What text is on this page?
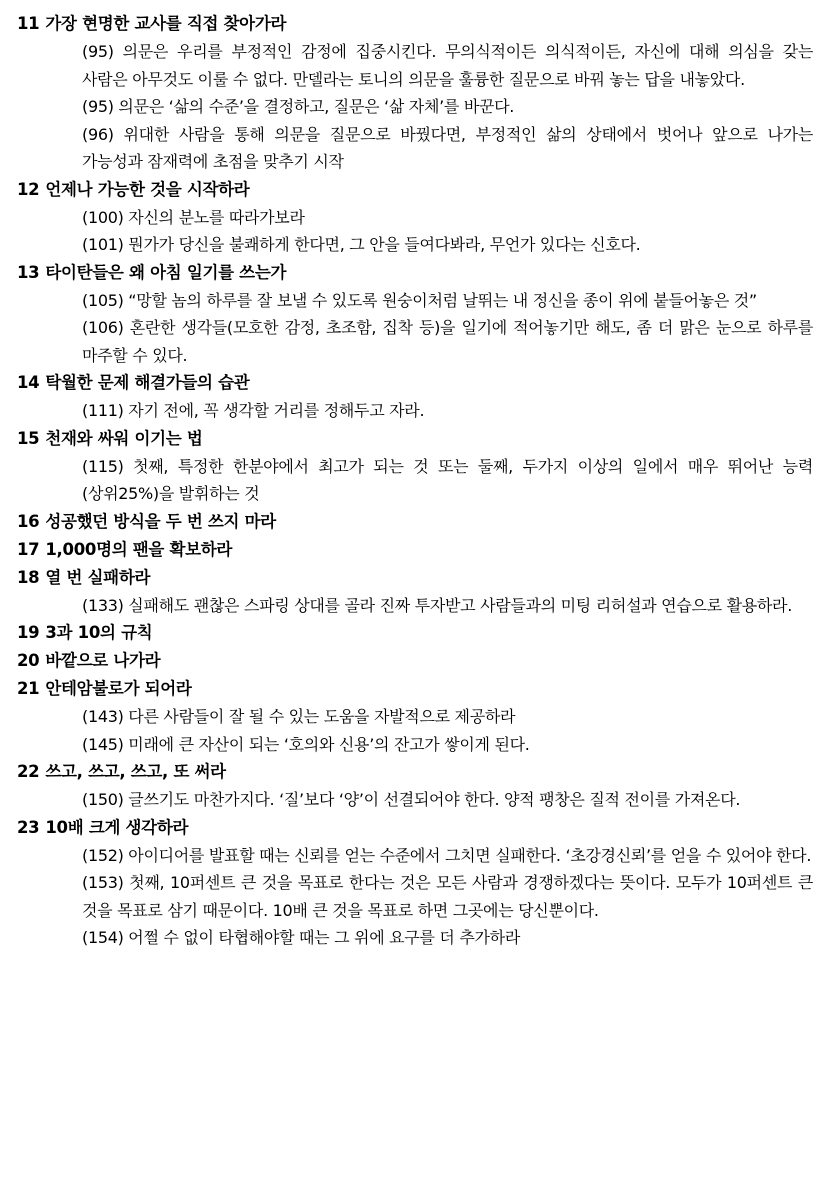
11 가장 현명한 교사를 직접 찾아가라
(95) 의문은 우리를 부정적인 감정에 집중시킨다. 무의식적이든 의식적이든, 자신에 대해 의심을 갖는 사람은 아무것도 이룰 수 없다. 만델라는 토니의 의문을 훌륭한 질문으로 바꿔 놓는 답을 내놓았다.
(95) 의문은 ‘삶의 수준’을 결정하고, 질문은 ‘삶 자체’를 바꾼다.
(96) 위대한 사람을 통해 의문을 질문으로 바꿨다면, 부정적인 삶의 상태에서 벗어나 앞으로 나가는 가능성과 잠재력에 초점을 맞추기 시작
12 언제나 가능한 것을 시작하라
(100) 자신의 분노를 따라가보라
(101) 뭔가가 당신을 불쾌하게 한다면, 그 안을 들여다봐라, 무언가 있다는 신호다.
13 타이탄들은 왜 아침 일기를 쓰는가
(105) “망할 놈의 하루를 잘 보낼 수 있도록 원숭이처럼 날뛰는 내 정신을 종이 위에 붙들어놓은 것”
(106) 혼란한 생각들(모호한 감정, 초조함, 집착 등)을 일기에 적어놓기만 해도, 좀 더 맑은 눈으로 하루를 마주할 수 있다.
14 탁월한 문제 해결가들의 습관
(111) 자기 전에, 꼭 생각할 거리를 정해두고 자라.
15 천재와 싸워 이기는 법
(115) 첫째, 특정한 한분야에서 최고가 되는 것 또는 둘째, 두가지 이상의 일에서 매우 뛰어난 능력(상위25%)을 발휘하는 것
16 성공했던 방식을 두 번 쓰지 마라
17 1,000명의 팬을 확보하라
18 열 번 실패하라
(133) 실패해도 괜찮은 스파링 상대를 골라 진짜 투자받고 사람들과의 미팅 리허설과 연습으로 활용하라.
19 3과 10의 규칙
20 바깥으로 나가라
21 안테암불로가 되어라
(143) 다른 사람들이 잘 될 수 있는 도움을 자발적으로 제공하라
(145) 미래에 큰 자산이 되는 ‘호의와 신용’의 잔고가 쌓이게 된다.
22 쓰고, 쓰고, 쓰고, 또 써라
(150) 글쓰기도 마찬가지다. ‘질’보다 ‘양’이 선결되어야 한다. 양적 팽창은 질적 전이를 가져온다.
23 10배 크게 생각하라
(152) 아이디어를 발표할 때는 신뢰를 얻는 수준에서 그치면 실패한다. ‘초강경신뢰’를 얻을 수 있어야 한다.
(153) 첫째, 10퍼센트 큰 것을 목표로 한다는 것은 모든 사람과 경쟁하겠다는 뜻이다. 모두가 10퍼센트 큰 것을 목표로 삼기 때문이다. 10배 큰 것을 목표로 하면 그곳에는 당신뿐이다.
(154) 어쩔 수 없이 타협해야할 때는 그 위에 요구를 더 추가하라
